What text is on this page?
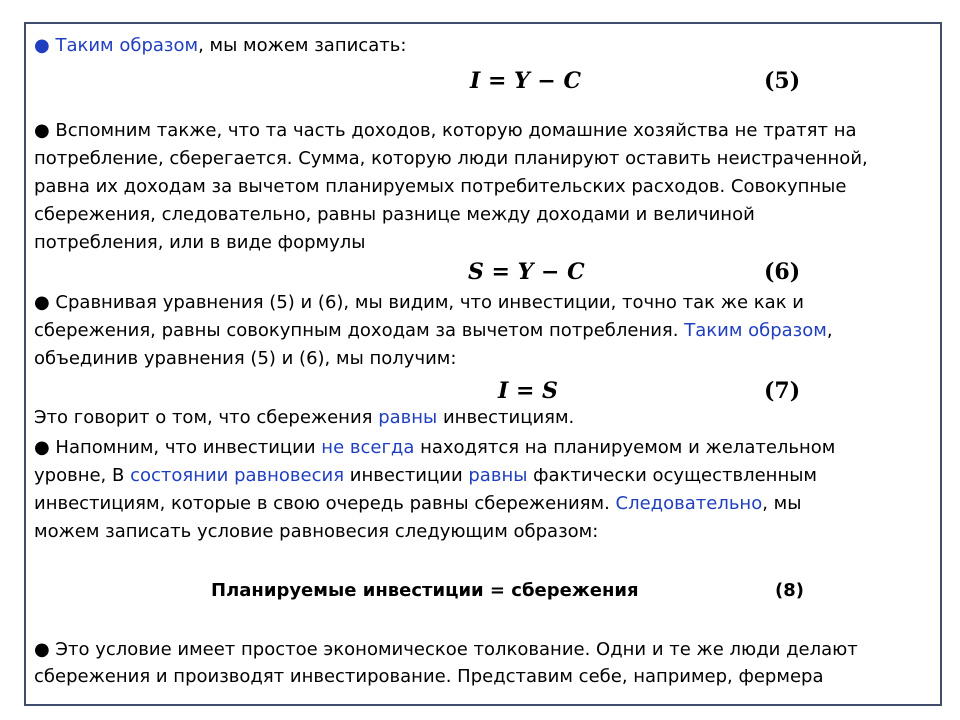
● Таким образом, мы можем записать:
I = Y − C	(5)
● Вспомним также, что та часть доходов, которую домашние хозяйства не тратят на
потребление, сберегается. Сумма, которую люди планируют оставить неистраченной,
равна их доходам за вычетом планируемых потребительских расходов. Совокупные
сбережения, следовательно, равны разнице между доходами и величиной
потребления, или в виде формулы
S = Y − C	(6)
● Сравнивая уравнения (5) и (6), мы видим, что инвестиции, точно так же как и
сбережения, равны совокупным доходам за вычетом потребления. Таким образом,
объединив уравнения (5) и (6), мы получим:
I = S	(7)
Это говорит о том, что сбережения равны инвестициям.
● Напомним, что инвестиции не всегда находятся на планируемом и желательном
уровне, В состоянии равновесия инвестиции равны фактически осуществленным
инвестициям, которые в свою очередь равны сбережениям. Следовательно, мы
можем записать условие равновесия следующим образом:
Планируемые инвестиции = сбережения	(8)
● Это условие имеет простое экономическое толкование. Одни и те же люди делают
сбережения и производят инвестирование. Представим себе, например, фермера
